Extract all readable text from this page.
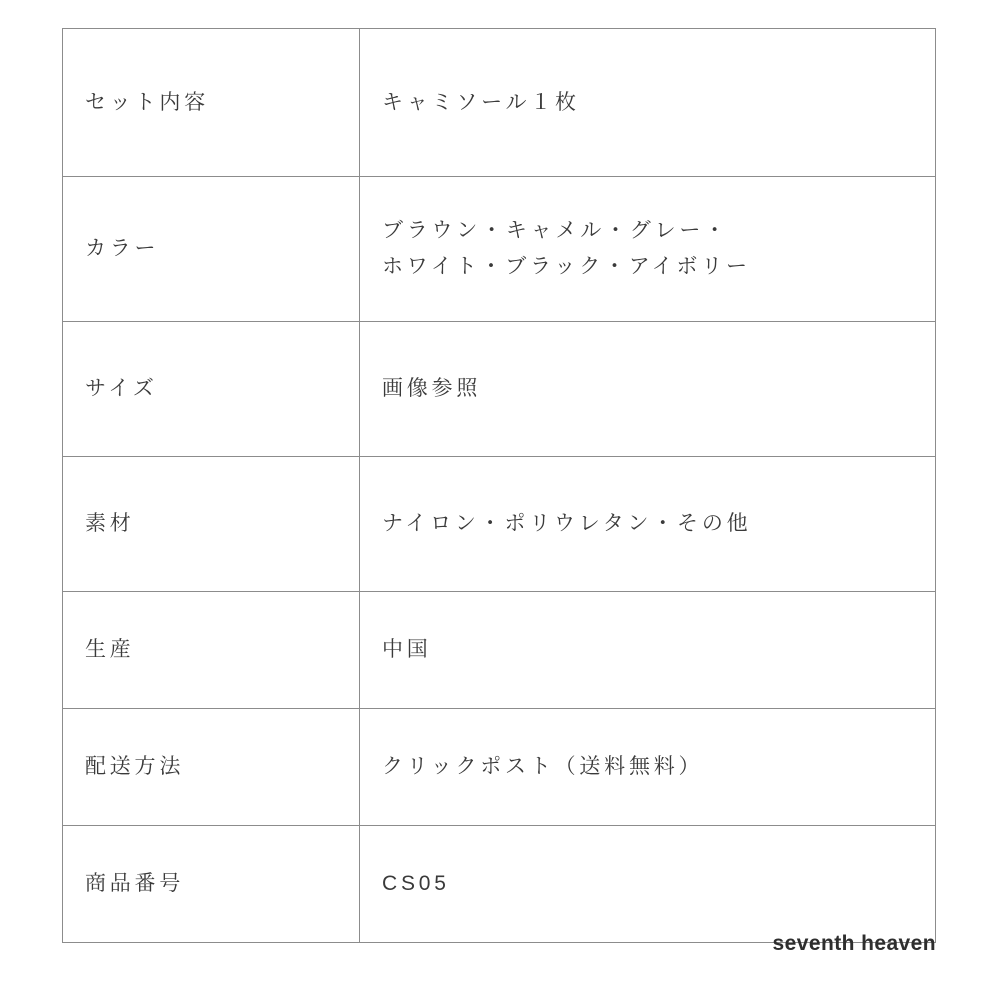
セット内容	キャミソール１枚

カラー	ブラウン・キャメル・グレー・
ホワイト・ブラック・アイボリー

サイズ	画像参照

素材	ナイロン・ポリウレタン・その他

生産	中国

配送方法	クリックポスト（送料無料）

商品番号	CS05
seventh heaven
